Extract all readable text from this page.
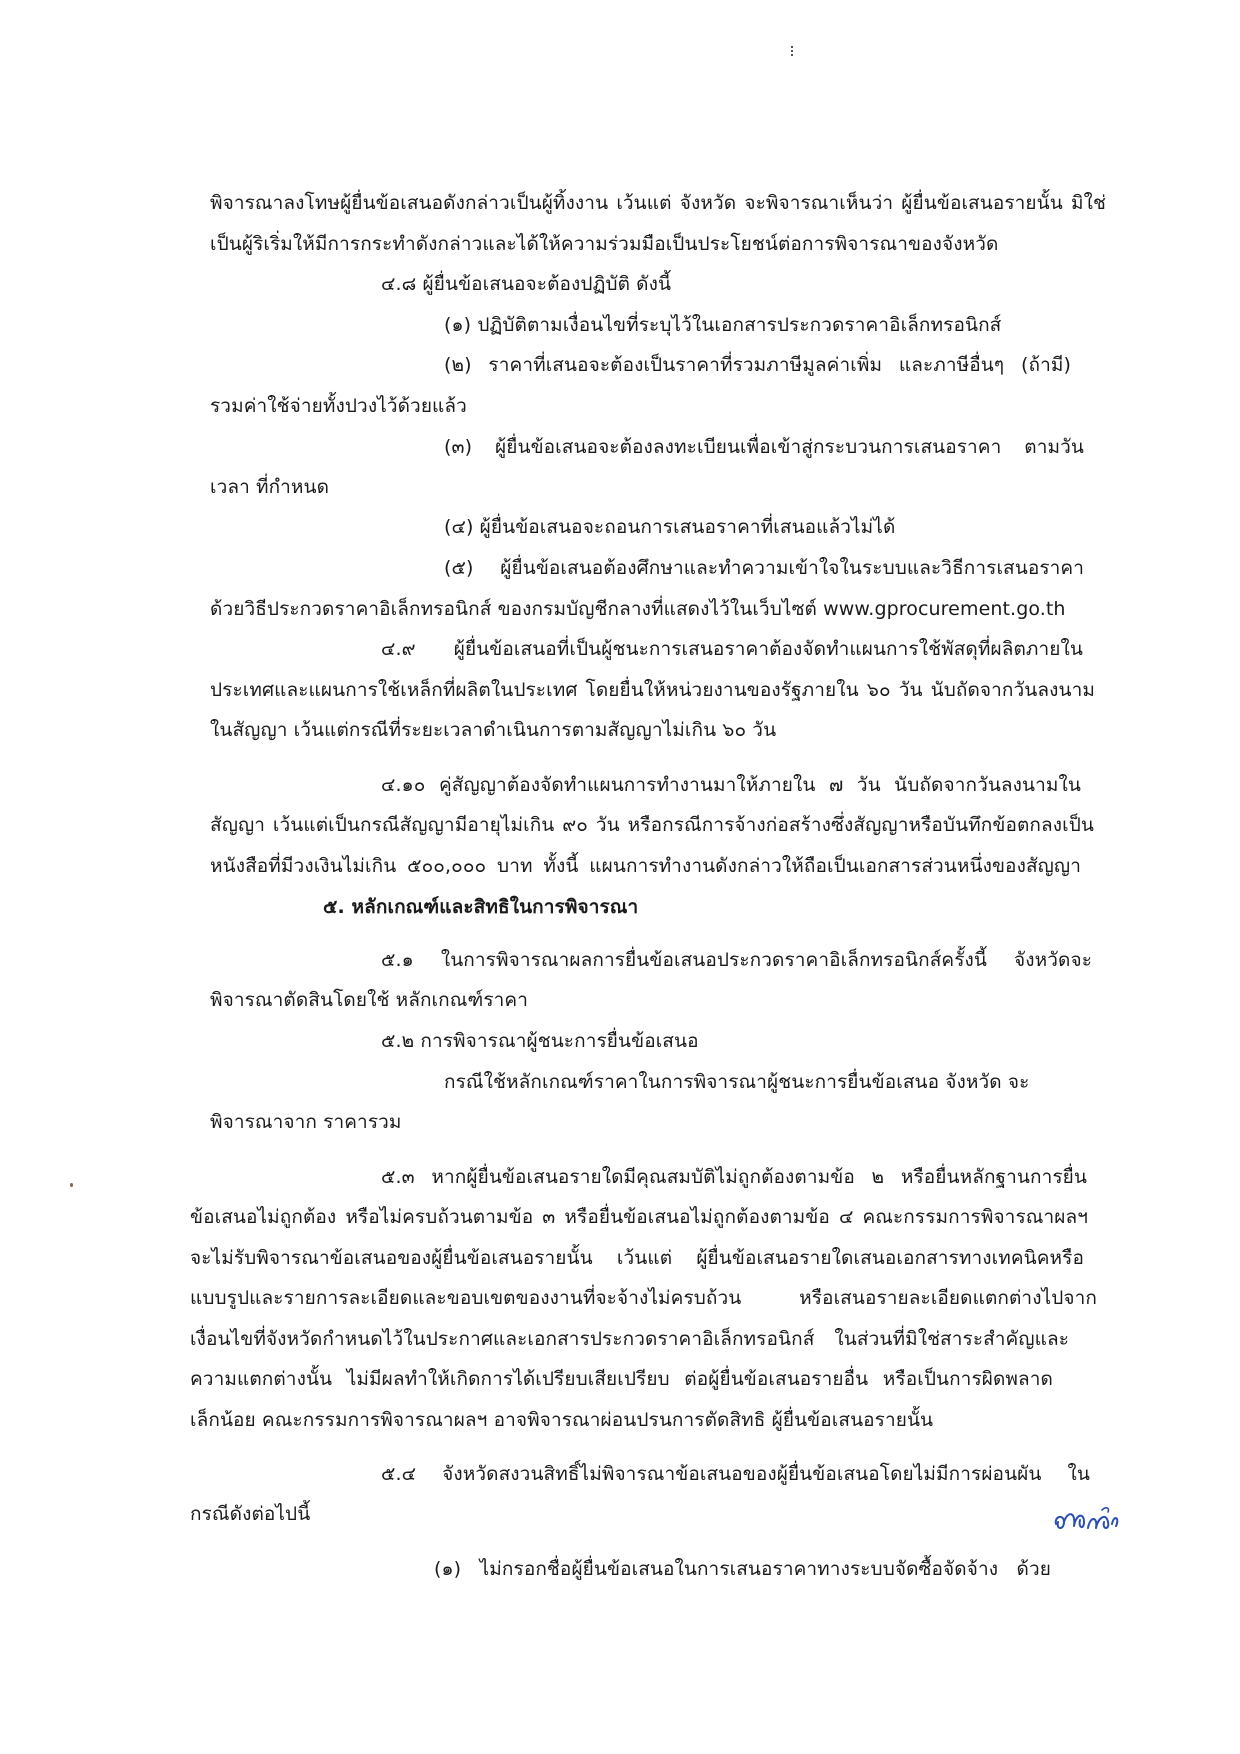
พิจารณาลงโทษผู้ยื่นข้อเสนอดังกล่าวเป็นผู้ทิ้งงาน เว้นแต่ จังหวัด จะพิจารณาเห็นว่า ผู้ยื่นข้อเสนอรายนั้น มิใช่
เป็นผู้ริเริ่มให้มีการกระทำดังกล่าวและได้ให้ความร่วมมือเป็นประโยชน์ต่อการพิจารณาของจังหวัด
๔.๘ ผู้ยื่นข้อเสนอจะต้องปฏิบัติ ดังนี้
(๑) ปฏิบัติตามเงื่อนไขที่ระบุไว้ในเอกสารประกวดราคาอิเล็กทรอนิกส์
(๒) ราคาที่เสนอจะต้องเป็นราคาที่รวมภาษีมูลค่าเพิ่ม และภาษีอื่นๆ (ถ้ามี)
รวมค่าใช้จ่ายทั้งปวงไว้ด้วยแล้ว
(๓) ผู้ยื่นข้อเสนอจะต้องลงทะเบียนเพื่อเข้าสู่กระบวนการเสนอราคา ตามวัน
เวลา ที่กำหนด
(๔) ผู้ยื่นข้อเสนอจะถอนการเสนอราคาที่เสนอแล้วไม่ได้
(๕) ผู้ยื่นข้อเสนอต้องศึกษาและทำความเข้าใจในระบบและวิธีการเสนอราคา
ด้วยวิธีประกวดราคาอิเล็กทรอนิกส์ ของกรมบัญชีกลางที่แสดงไว้ในเว็บไซต์ www.gprocurement.go.th
๔.๙ ผู้ยื่นข้อเสนอที่เป็นผู้ชนะการเสนอราคาต้องจัดทำแผนการใช้พัสดุที่ผลิตภายใน
ประเทศและแผนการใช้เหล็กที่ผลิตในประเทศ โดยยื่นให้หน่วยงานของรัฐภายใน ๖๐ วัน นับถัดจากวันลงนาม
ในสัญญา เว้นแต่กรณีที่ระยะเวลาดำเนินการตามสัญญาไม่เกิน ๖๐ วัน
๔.๑๐ คู่สัญญาต้องจัดทำแผนการทำงานมาให้ภายใน ๗ วัน นับถัดจากวันลงนามใน
สัญญา เว้นแต่เป็นกรณีสัญญามีอายุไม่เกิน ๙๐ วัน หรือกรณีการจ้างก่อสร้างซึ่งสัญญาหรือบันทึกข้อตกลงเป็น
หนังสือที่มีวงเงินไม่เกิน ๕๐๐,๐๐๐ บาท ทั้งนี้ แผนการทำงานดังกล่าวให้ถือเป็นเอกสารส่วนหนึ่งของสัญญา
๕. หลักเกณฑ์และสิทธิในการพิจารณา
๕.๑ ในการพิจารณาผลการยื่นข้อเสนอประกวดราคาอิเล็กทรอนิกส์ครั้งนี้ จังหวัดจะ
พิจารณาตัดสินโดยใช้ หลักเกณฑ์ราคา
๕.๒ การพิจารณาผู้ชนะการยื่นข้อเสนอ
กรณีใช้หลักเกณฑ์ราคาในการพิจารณาผู้ชนะการยื่นข้อเสนอ จังหวัด จะ
พิจารณาจาก ราคารวม
๕.๓ หากผู้ยื่นข้อเสนอรายใดมีคุณสมบัติไม่ถูกต้องตามข้อ ๒ หรือยื่นหลักฐานการยื่น
ข้อเสนอไม่ถูกต้อง หรือไม่ครบถ้วนตามข้อ ๓ หรือยื่นข้อเสนอไม่ถูกต้องตามข้อ ๔ คณะกรรมการพิจารณาผลฯ
จะไม่รับพิจารณาข้อเสนอของผู้ยื่นข้อเสนอรายนั้น เว้นแต่ ผู้ยื่นข้อเสนอรายใดเสนอเอกสารทางเทคนิคหรือ
แบบรูปและรายการละเอียดและขอบเขตของงานที่จะจ้างไม่ครบถ้วน หรือเสนอรายละเอียดแตกต่างไปจาก
เงื่อนไขที่จังหวัดกำหนดไว้ในประกาศและเอกสารประกวดราคาอิเล็กทรอนิกส์ ในส่วนที่มิใช่สาระสำคัญและ
ความแตกต่างนั้น ไม่มีผลทำให้เกิดการได้เปรียบเสียเปรียบ ต่อผู้ยื่นข้อเสนอรายอื่น หรือเป็นการผิดพลาด
เล็กน้อย คณะกรรมการพิจารณาผลฯ อาจพิจารณาผ่อนปรนการตัดสิทธิ ผู้ยื่นข้อเสนอรายนั้น
๕.๔ จังหวัดสงวนสิทธิ์ไม่พิจารณาข้อเสนอของผู้ยื่นข้อเสนอโดยไม่มีการผ่อนผัน ใน
กรณีดังต่อไปนี้
(๑) ไม่กรอกชื่อผู้ยื่นข้อเสนอในการเสนอราคาทางระบบจัดซื้อจัดจ้าง ด้วย
